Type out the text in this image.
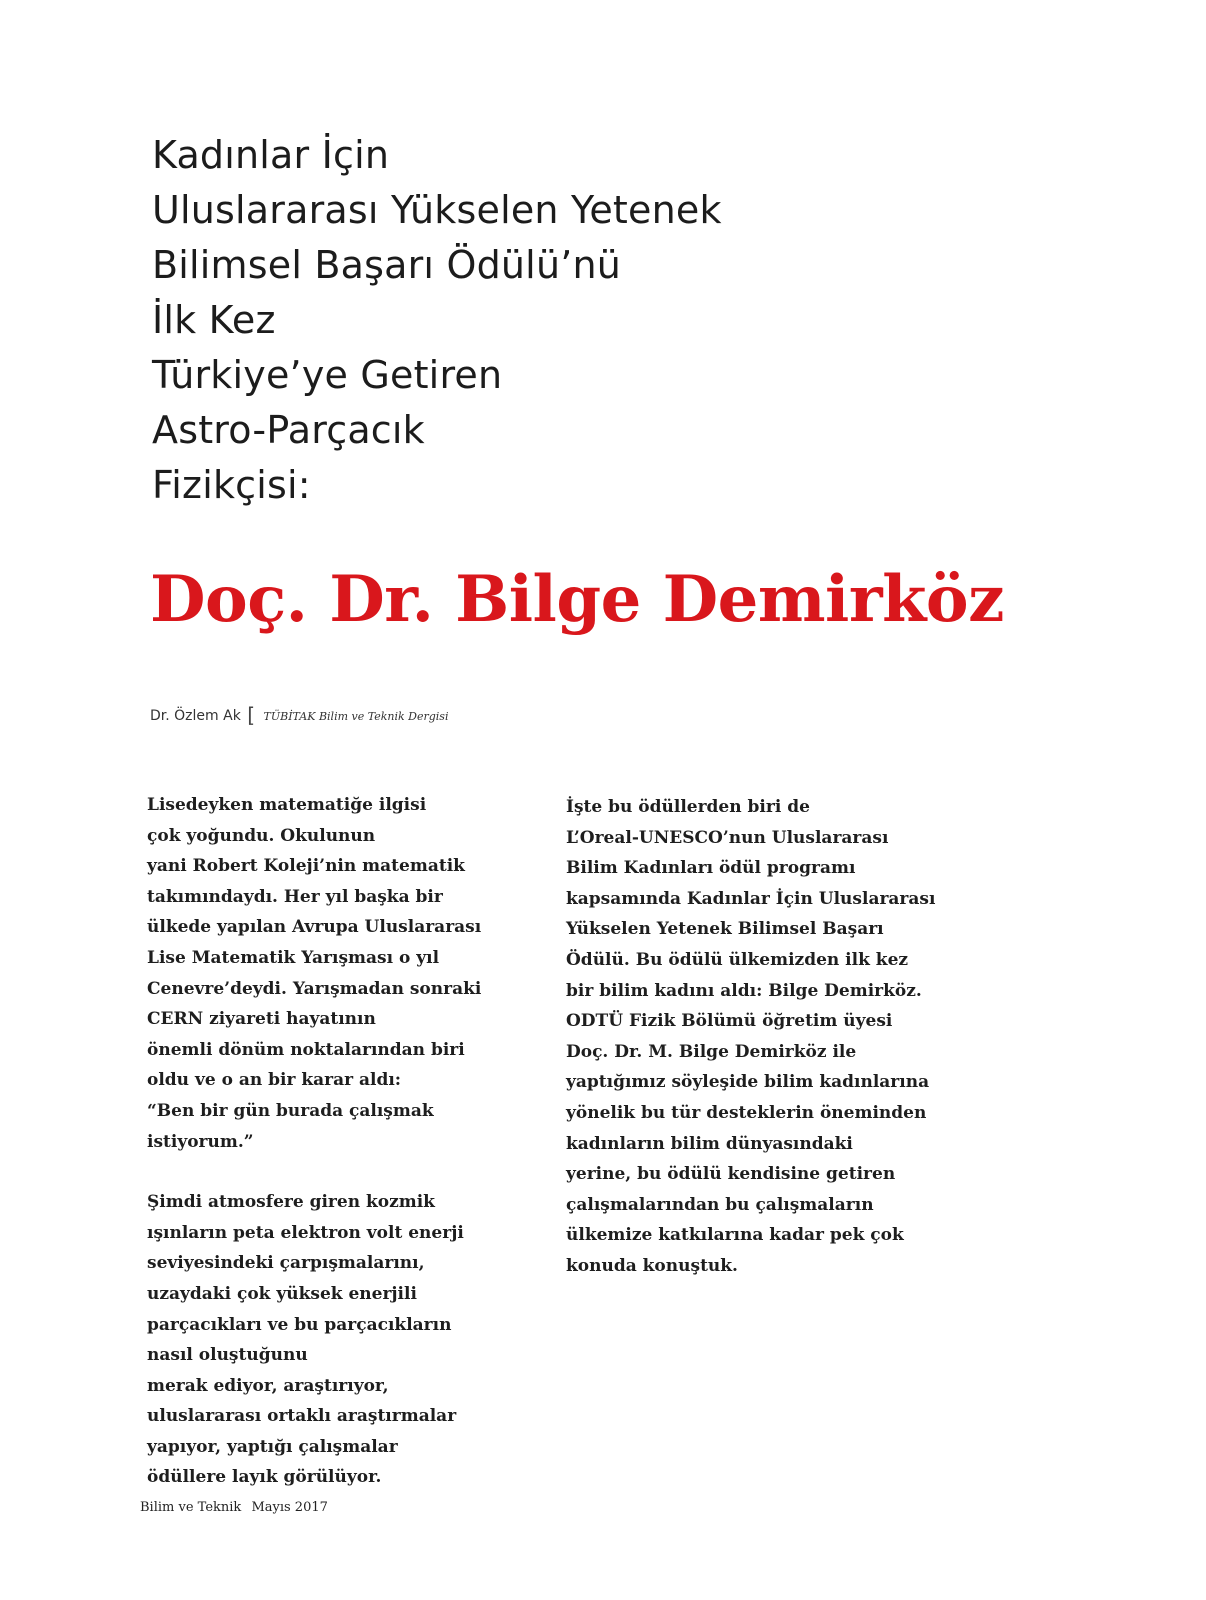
Kadınlar İçin
Uluslararası Yükselen Yetenek
Bilimsel Başarı Ödülü’nü
İlk Kez
Türkiye’ye Getiren
Astro-Parçacık
Fizikçisi:
Doç. Dr. Bilge Demirköz
Dr. Özlem Ak [ TÜBİTAK Bilim ve Teknik Dergisi

Lisedeyken matematiğe ilgisi
çok yoğundu. Okulunun
yani Robert Koleji’nin matematik
takımındaydı. Her yıl başka bir
ülkede yapılan Avrupa Uluslararası
Lise Matematik Yarışması o yıl
Cenevre’deydi. Yarışmadan sonraki
CERN ziyareti hayatının
önemli dönüm noktalarından biri
oldu ve o an bir karar aldı:
“Ben bir gün burada çalışmak
istiyorum.”

Şimdi atmosfere giren kozmik
ışınların peta elektron volt enerji
seviyesindeki çarpışmalarını,
uzaydaki çok yüksek enerjili
parçacıkları ve bu parçacıkların
nasıl oluştuğunu
merak ediyor, araştırıyor,
uluslararası ortaklı araştırmalar
yapıyor, yaptığı çalışmalar
ödüllere layık görülüyor.

İşte bu ödüllerden biri de
L’Oreal-UNESCO’nun Uluslararası
Bilim Kadınları ödül programı
kapsamında Kadınlar İçin Uluslararası
Yükselen Yetenek Bilimsel Başarı
Ödülü. Bu ödülü ülkemizden ilk kez
bir bilim kadını aldı: Bilge Demirköz.
ODTÜ Fizik Bölümü öğretim üyesi
Doç. Dr. M. Bilge Demirköz ile
yaptığımız söyleşide bilim kadınlarına
yönelik bu tür desteklerin öneminden
kadınların bilim dünyasındaki
yerine, bu ödülü kendisine getiren
çalışmalarından bu çalışmaların
ülkemize katkılarına kadar pek çok
konuda konuştuk.

Bilim ve Teknik Mayıs 2017
